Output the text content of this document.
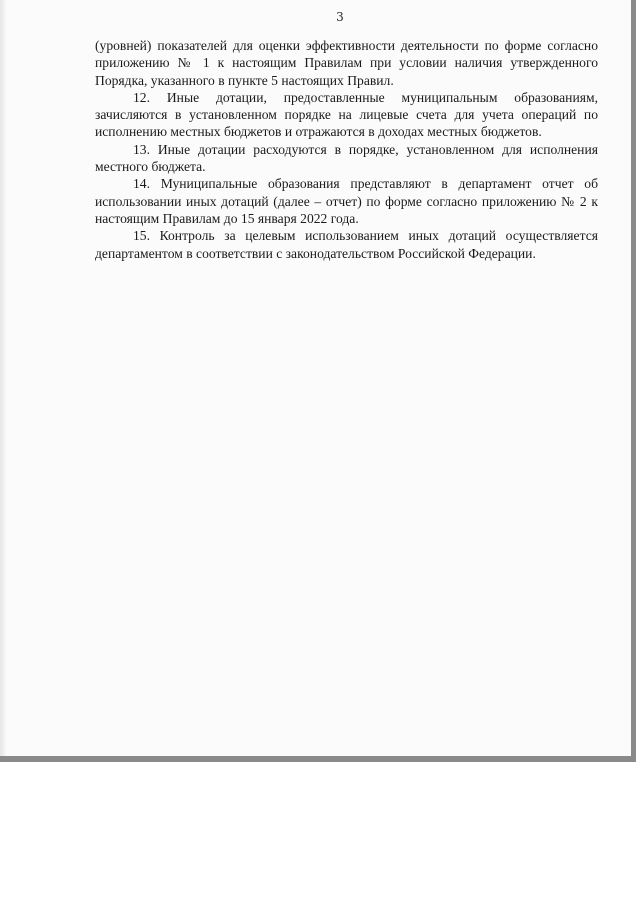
3

(уровней) показателей для оценки эффективности деятельности по форме согласно приложению № 1 к настоящим Правилам при условии наличия утвержденного Порядка, указанного в пункте 5 настоящих Правил.

12. Иные дотации, предоставленные муниципальным образованиям, зачисляются в установленном порядке на лицевые счета для учета операций по исполнению местных бюджетов и отражаются в доходах местных бюджетов.

13. Иные дотации расходуются в порядке, установленном для исполнения местного бюджета.

14. Муниципальные образования представляют в департамент отчет об использовании иных дотаций (далее – отчет) по форме согласно приложению № 2 к настоящим Правилам до 15 января 2022 года.

15. Контроль за целевым использованием иных дотаций осуществляется департаментом в соответствии с законодательством Российской Федерации.
